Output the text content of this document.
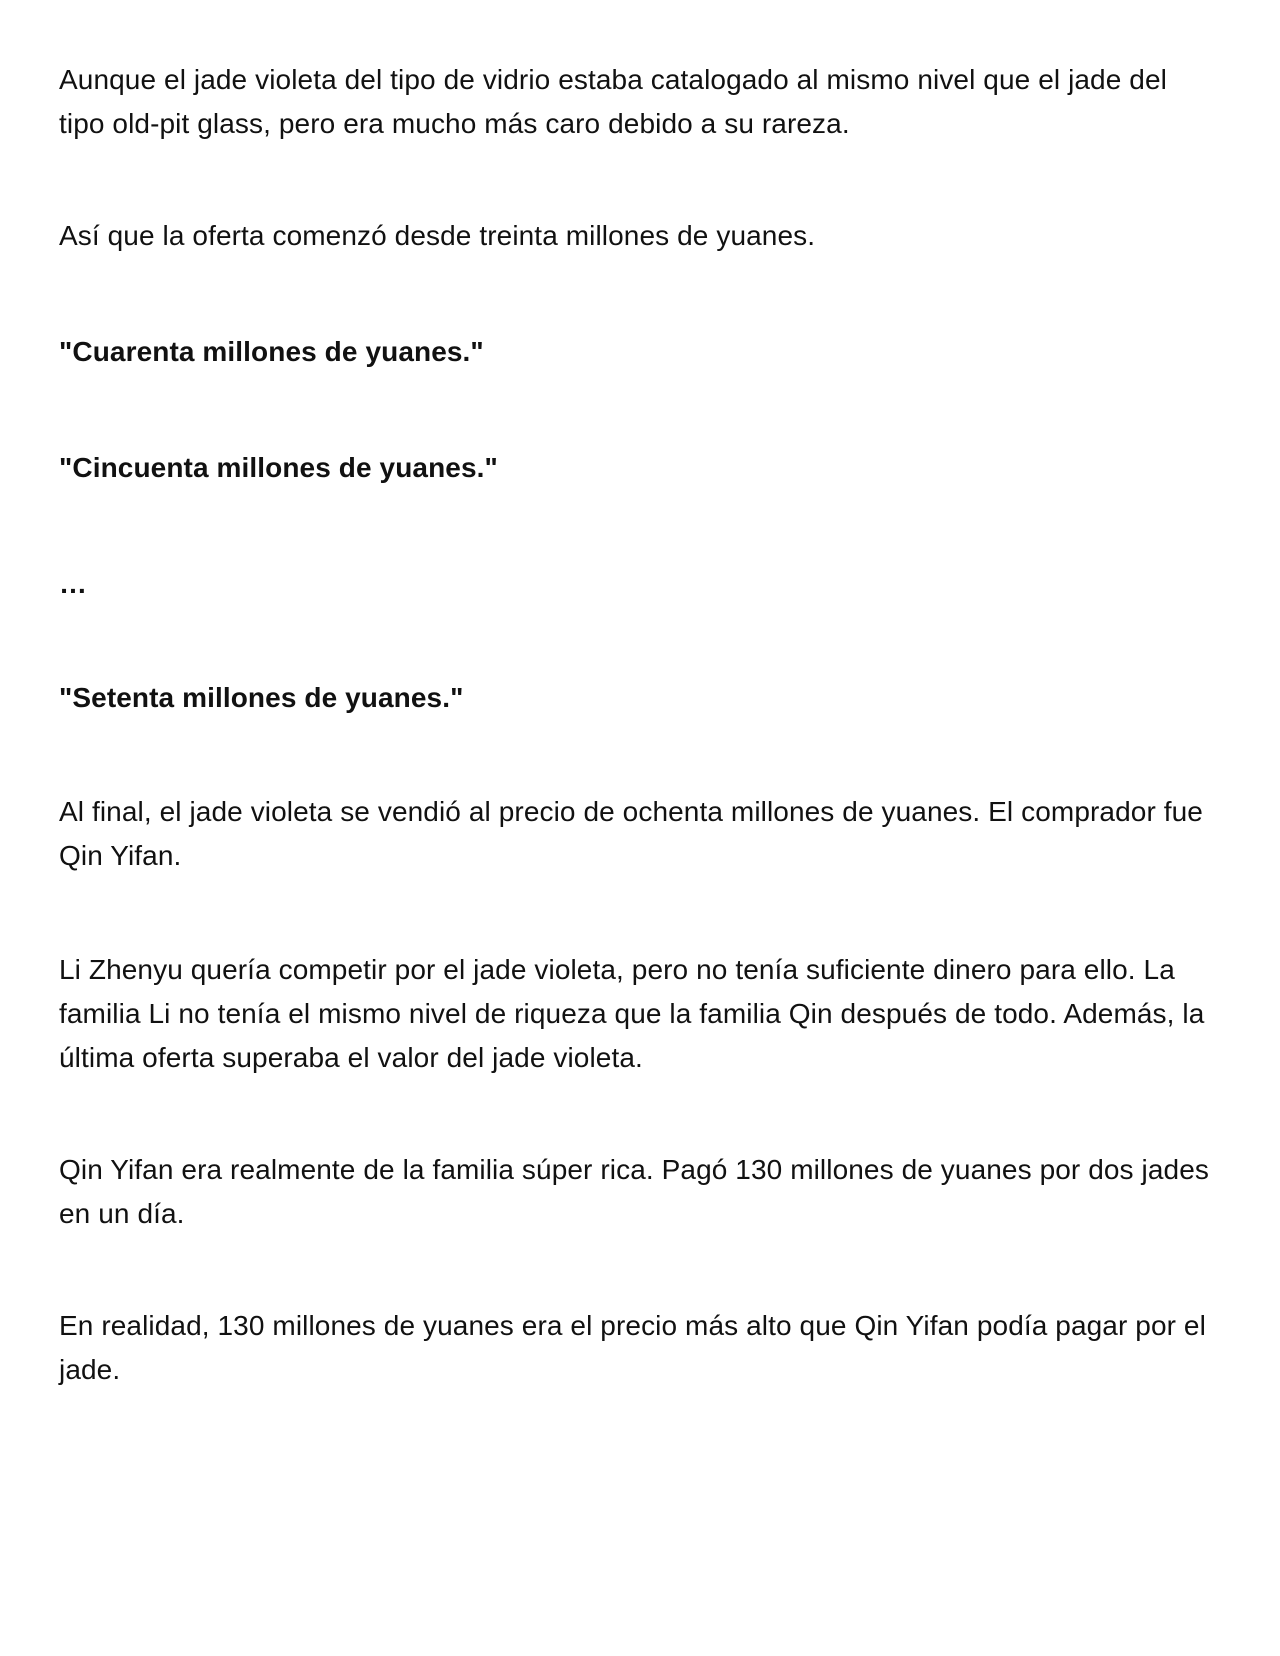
Aunque el jade violeta del tipo de vidrio estaba catalogado al mismo nivel que el jade del tipo old-pit glass, pero era mucho más caro debido a su rareza.

Así que la oferta comenzó desde treinta millones de yuanes.

"Cuarenta millones de yuanes."

"Cincuenta millones de yuanes."

…

"Setenta millones de yuanes."

Al final, el jade violeta se vendió al precio de ochenta millones de yuanes. El comprador fue Qin Yifan.

Li Zhenyu quería competir por el jade violeta, pero no tenía suficiente dinero para ello. La familia Li no tenía el mismo nivel de riqueza que la familia Qin después de todo. Además, la última oferta superaba el valor del jade violeta.

Qin Yifan era realmente de la familia súper rica. Pagó 130 millones de yuanes por dos jades en un día.

En realidad, 130 millones de yuanes era el precio más alto que Qin Yifan podía pagar por el jade.
